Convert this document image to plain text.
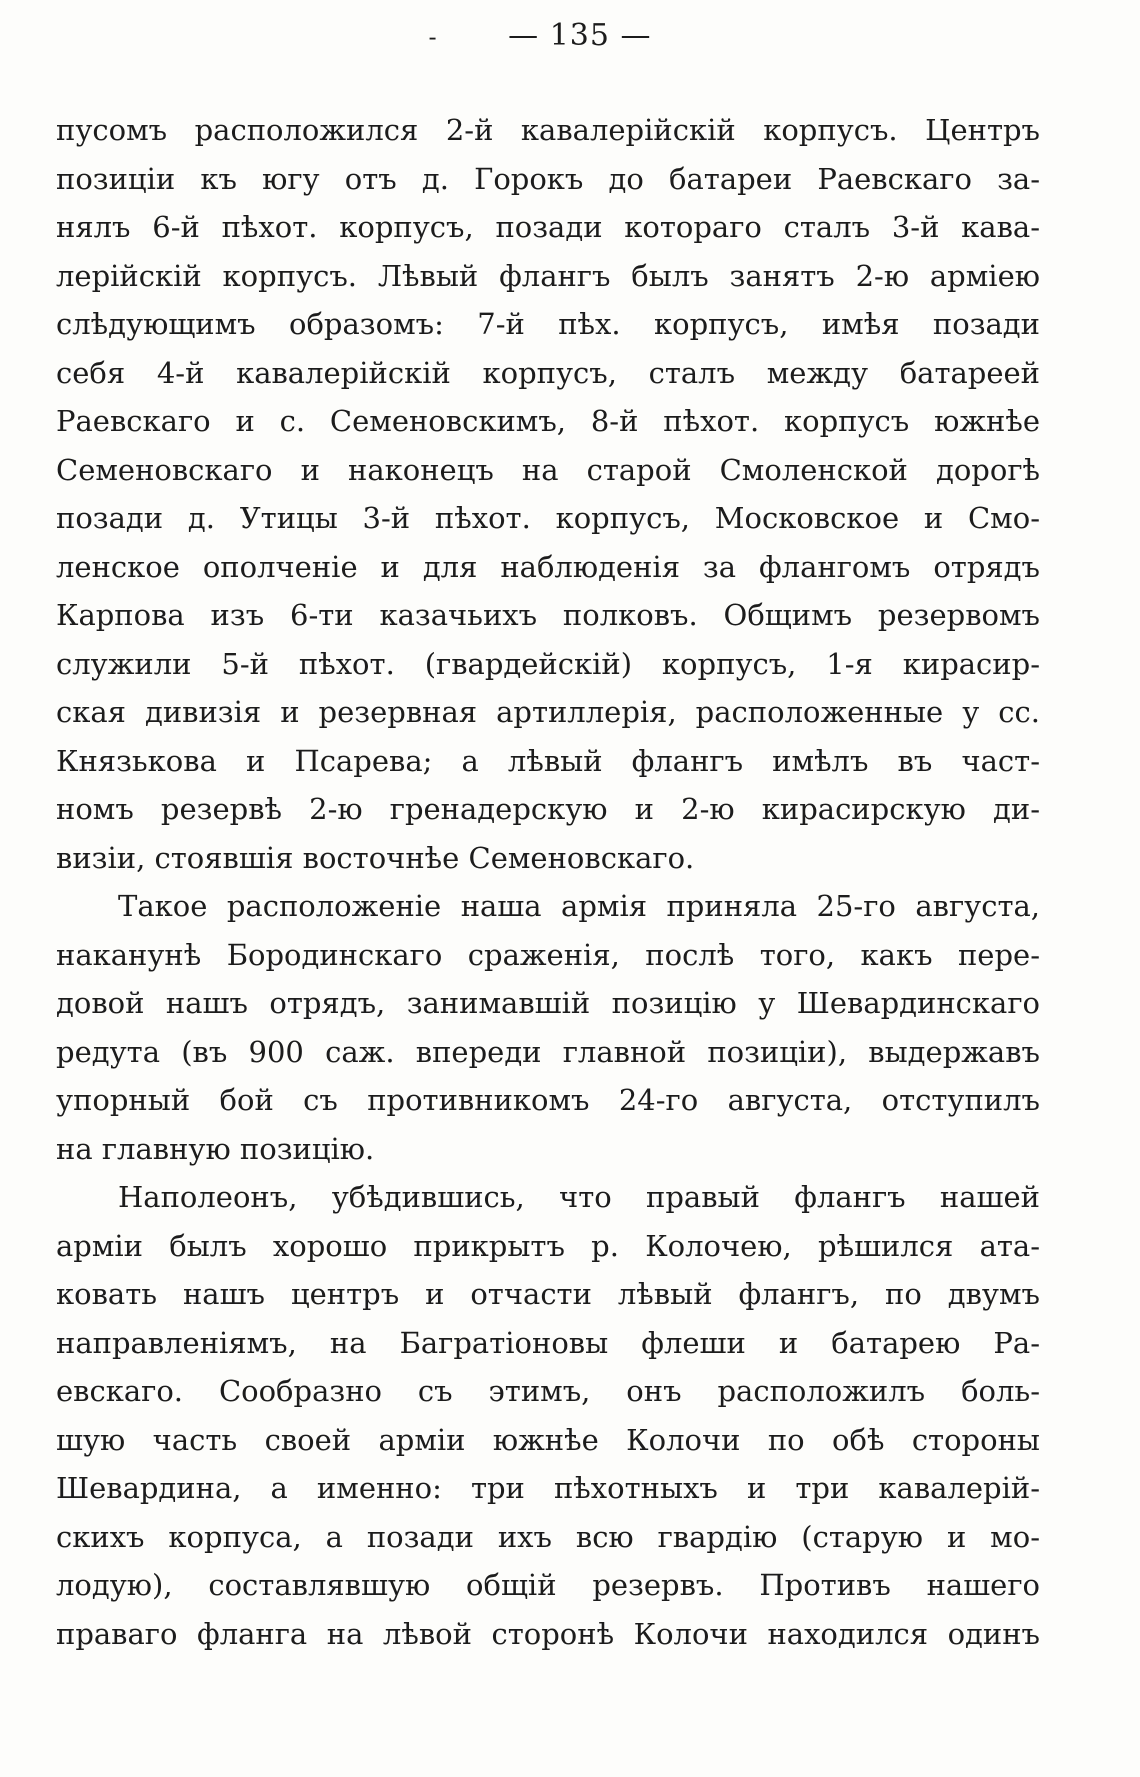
- — 135 —
пусомъ расположился 2-й кавалерійскій корпусъ. Центръ
позиціи къ югу отъ д. Горокъ до батареи Раевскаго за-
нялъ 6-й пѣхот. корпусъ, позади котораго сталъ 3-й кава-
лерійскій корпусъ. Лѣвый флангъ былъ занятъ 2-ю арміею
слѣдующимъ образомъ: 7-й пѣх. корпусъ, имѣя позади
себя 4-й кавалерійскій корпусъ, сталъ между батареей
Раевскаго и с. Семеновскимъ, 8-й пѣхот. корпусъ южнѣе
Семеновскаго и наконецъ на старой Смоленской дорогѣ
позади д. Утицы 3-й пѣхот. корпусъ, Московское и Смо-
ленское ополченіе и для наблюденія за флангомъ отрядъ
Карпова изъ 6-ти казачьихъ полковъ. Общимъ резервомъ
служили 5-й пѣхот. (гвардейскій) корпусъ, 1-я кирасир-
ская дивизія и резервная артиллерія, расположенные у сс.
Князькова и Псарева; а лѣвый флангъ имѣлъ въ част-
номъ резервѣ 2-ю гренадерскую и 2-ю кирасирскую ди-
визіи, стоявшія восточнѣе Семеновскаго.
Такое расположеніе наша армія приняла 25-го августа,
наканунѣ Бородинскаго сраженія, послѣ того, какъ пере-
довой нашъ отрядъ, занимавшій позицію у Шевардинскаго
редута (въ 900 саж. впереди главной позиціи), выдержавъ
упорный бой съ противникомъ 24-го августа, отступилъ
на главную позицію.
Наполеонъ, убѣдившись, что правый флангъ нашей
арміи былъ хорошо прикрытъ р. Колочею, рѣшился ата-
ковать нашъ центръ и отчасти лѣвый флангъ, по двумъ
направленіямъ, на Багратіоновы флеши и батарею Ра-
евскаго. Сообразно съ этимъ, онъ расположилъ боль-
шую часть своей арміи южнѣе Колочи по обѣ стороны
Шевардина, а именно: три пѣхотныхъ и три кавалерій-
скихъ корпуса, а позади ихъ всю гвардію (старую и мо-
лодую), составлявшую общій резервъ. Противъ нашего
праваго фланга на лѣвой сторонѣ Колочи находился одинъ
